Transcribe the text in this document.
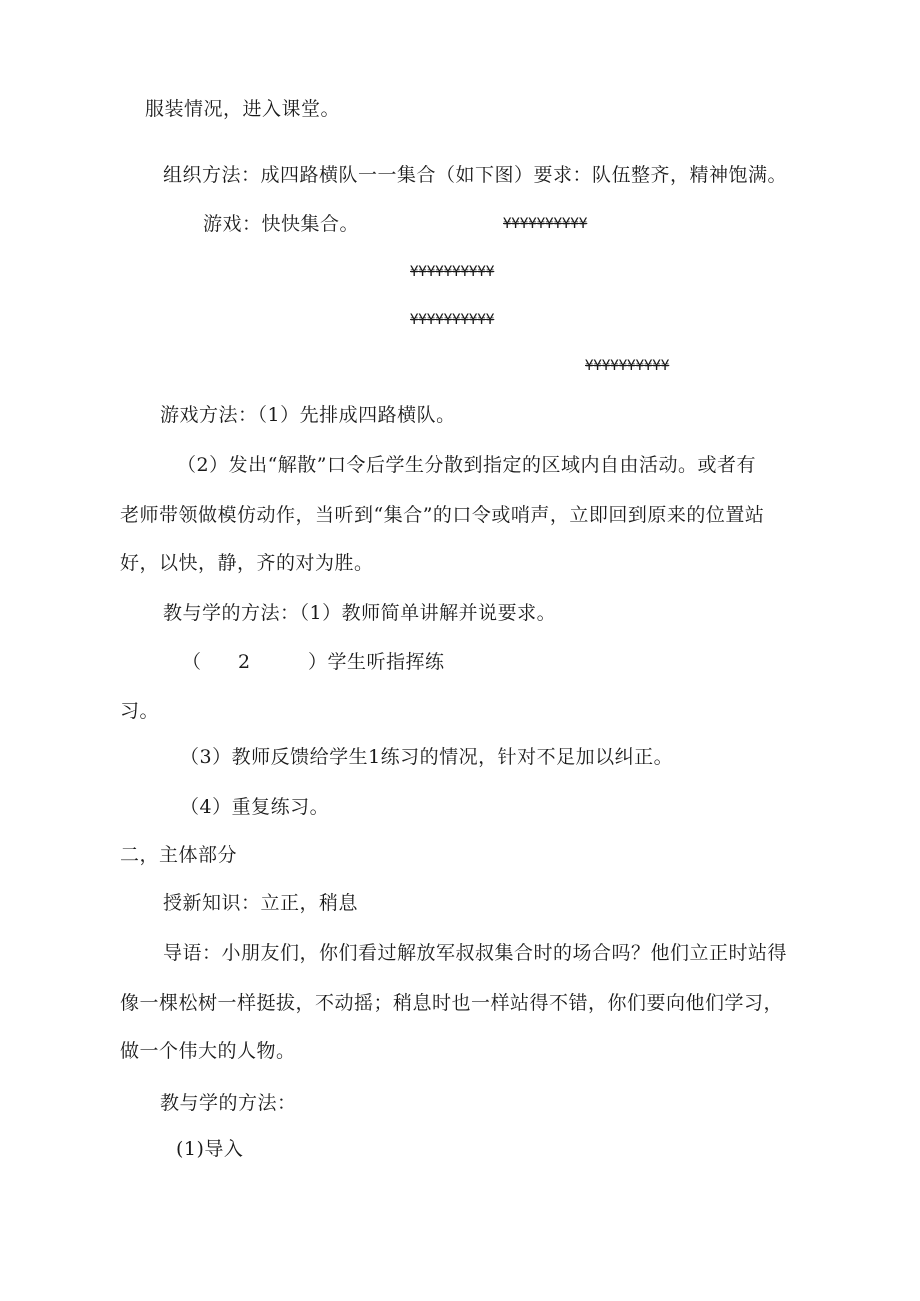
服装情况，进入课堂。
组织方法：成四路横队一一集合（如下图）要求：队伍整齐，精神饱满。
游戏：快快集合。	¥¥¥¥¥¥¥¥¥¥
¥¥¥¥¥¥¥¥¥¥
¥¥¥¥¥¥¥¥¥¥
¥¥¥¥¥¥¥¥¥¥
游戏方法：（1）先排成四路横队。
（2）发出“解散”口令后学生分散到指定的区域内自由活动。或者有
老师带领做模仿动作，当听到“集合”的口令或哨声，立即回到原来的位置站
好，以快，静，齐的对为胜。
教与学的方法：（1）教师简单讲解并说要求。
（ 2	）学生听指挥练
习。
（3）教师反馈给学生1练习的情况，针对不足加以纠正。
（4）重复练习。
二，主体部分
授新知识：立正，稍息
导语：小朋友们，你们看过解放军叔叔集合时的场合吗？他们立正时站得
像一棵松树一样挺拔，不动摇；稍息时也一样站得不错，你们要向他们学习，
做一个伟大的人物。
教与学的方法：
(1)导入
